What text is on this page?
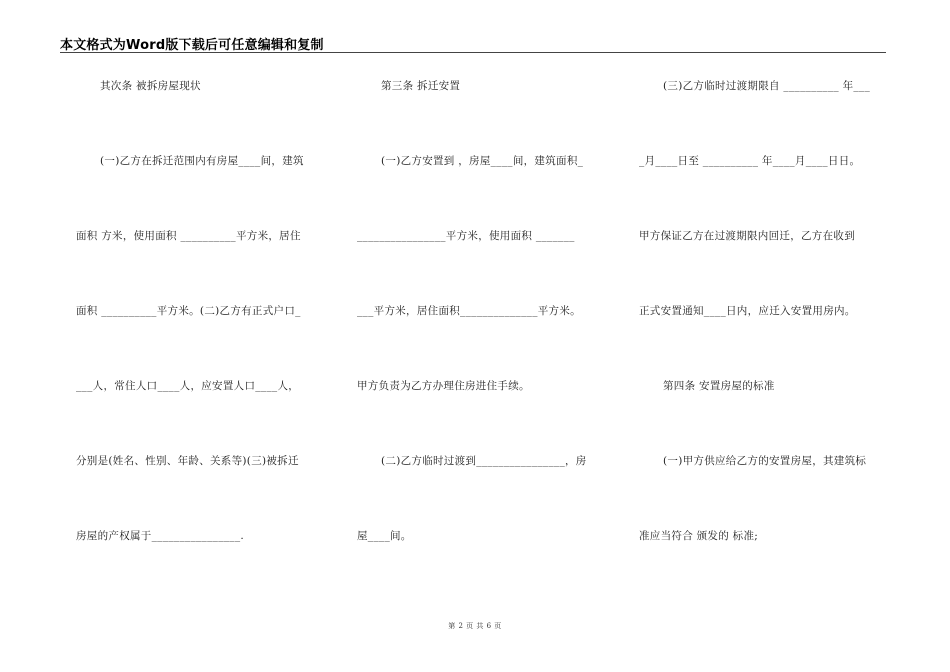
本文格式为Word版下载后可任意编辑和复制
其次条 被拆房屋现状
(一)乙方在拆迁范围内有房屋____间，建筑
面积 方米，使用面积 __________平方米，居住
面积 __________平方米。(二)乙方有正式户口_
___人，常住人口____人，应安置人口____人，
分别是(姓名、性别、年龄、关系等)(三)被拆迁
房屋的产权属于________________.
第三条 拆迁安置
(一)乙方安置到 ，房屋____间，建筑面积_
________________平方米，使用面积 _______
___平方米，居住面积______________平方米。
甲方负责为乙方办理住房进住手续。
(二)乙方临时过渡到________________，房
屋____间。
(三)乙方临时过渡期限自 __________ 年___
_月____日至 __________ 年____月____日日。
甲方保证乙方在过渡期限内回迁，乙方在收到
正式安置通知____日内，应迁入安置用房内。
第四条 安置房屋的标准
(一)甲方供应给乙方的安置房屋，其建筑标
准应当符合 颁发的 标准;
第 2 页 共 6 页
